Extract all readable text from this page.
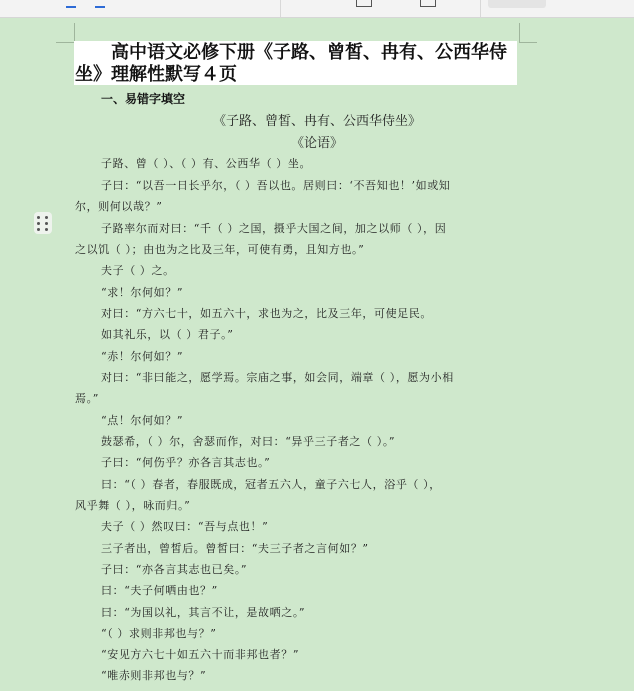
高中语文必修下册《子路、曾皙、冉有、公西华侍
坐》理解性默写４页
一、易错字填空
《子路、曾皙、冉有、公西华侍坐》
《论语》
子路、曾（ ）、（ ）有、公西华（ ）坐。
子曰：“以吾一日长乎尔，（ ）吾以也。居则曰：‘不吾知也！’如或知
尔，则何以哉？”
子路率尔而对曰：“千（ ）之国，摄乎大国之间，加之以师（ ），因
之以饥（ ）；由也为之比及三年，可使有勇，且知方也。”
夫子（ ）之。
“求！尔何如？”
对曰：“方六七十，如五六十，求也为之，比及三年，可使足民。
如其礼乐，以（ ）君子。”
“赤！尔何如？”
对曰：“非曰能之，愿学焉。宗庙之事，如会同，端章（ ），愿为小相
焉。”
“点！尔何如？”
鼓瑟希，（ ）尔，舍瑟而作，对曰：“异乎三子者之（ ）。”
子曰：“何伤乎？亦各言其志也。”
曰：“（ ）春者，春服既成，冠者五六人，童子六七人，浴乎（ ），
风乎舞（ ），咏而归。”
夫子（ ）然叹曰：“吾与点也！”
三子者出，曾皙后。曾皙曰：“夫三子者之言何如？”
子曰：“亦各言其志也已矣。”
曰：“夫子何哂由也？”
曰：“为国以礼，其言不让，是故哂之。”
“（ ）求则非邦也与？”
“安见方六七十如五六十而非邦也者？”
“唯赤则非邦也与？”
